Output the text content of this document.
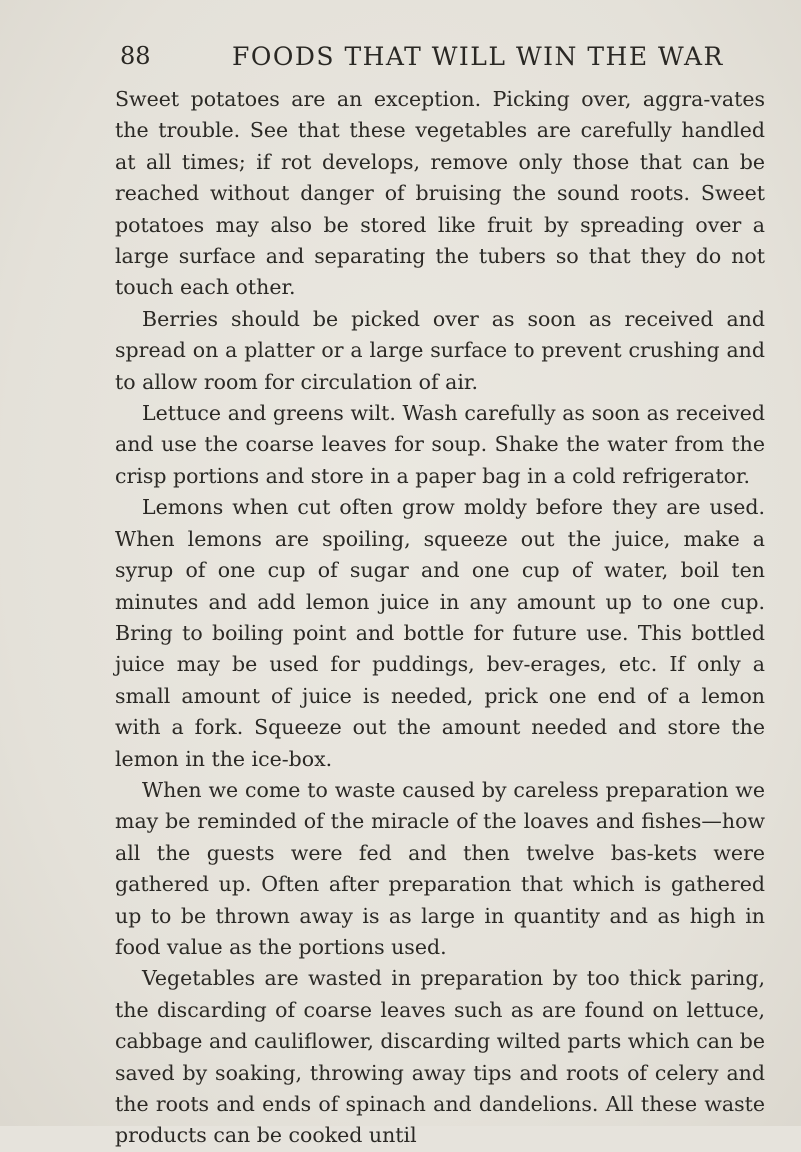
88	FOODS THAT WILL WIN THE WAR

Sweet potatoes are an exception. Picking over, aggra-vates the trouble. See that these vegetables are carefully handled at all times; if rot develops, remove only those that can be reached without danger of bruising the sound roots. Sweet potatoes may also be stored like fruit by spreading over a large surface and separating the tubers so that they do not touch each other.

Berries should be picked over as soon as received and spread on a platter or a large surface to prevent crushing and to allow room for circulation of air.

Lettuce and greens wilt. Wash carefully as soon as received and use the coarse leaves for soup. Shake the water from the crisp portions and store in a paper bag in a cold refrigerator.

Lemons when cut often grow moldy before they are used. When lemons are spoiling, squeeze out the juice, make a syrup of one cup of sugar and one cup of water, boil ten minutes and add lemon juice in any amount up to one cup. Bring to boiling point and bottle for future use. This bottled juice may be used for puddings, bev-erages, etc. If only a small amount of juice is needed, prick one end of a lemon with a fork. Squeeze out the amount needed and store the lemon in the ice-box.

When we come to waste caused by careless preparation we may be reminded of the miracle of the loaves and fishes—how all the guests were fed and then twelve bas-kets were gathered up. Often after preparation that which is gathered up to be thrown away is as large in quantity and as high in food value as the portions used.

Vegetables are wasted in preparation by too thick paring, the discarding of coarse leaves such as are found on lettuce, cabbage and cauliflower, discarding wilted parts which can be saved by soaking, throwing away tips and roots of celery and the roots and ends of spinach and dandelions. All these waste products can be cooked until
